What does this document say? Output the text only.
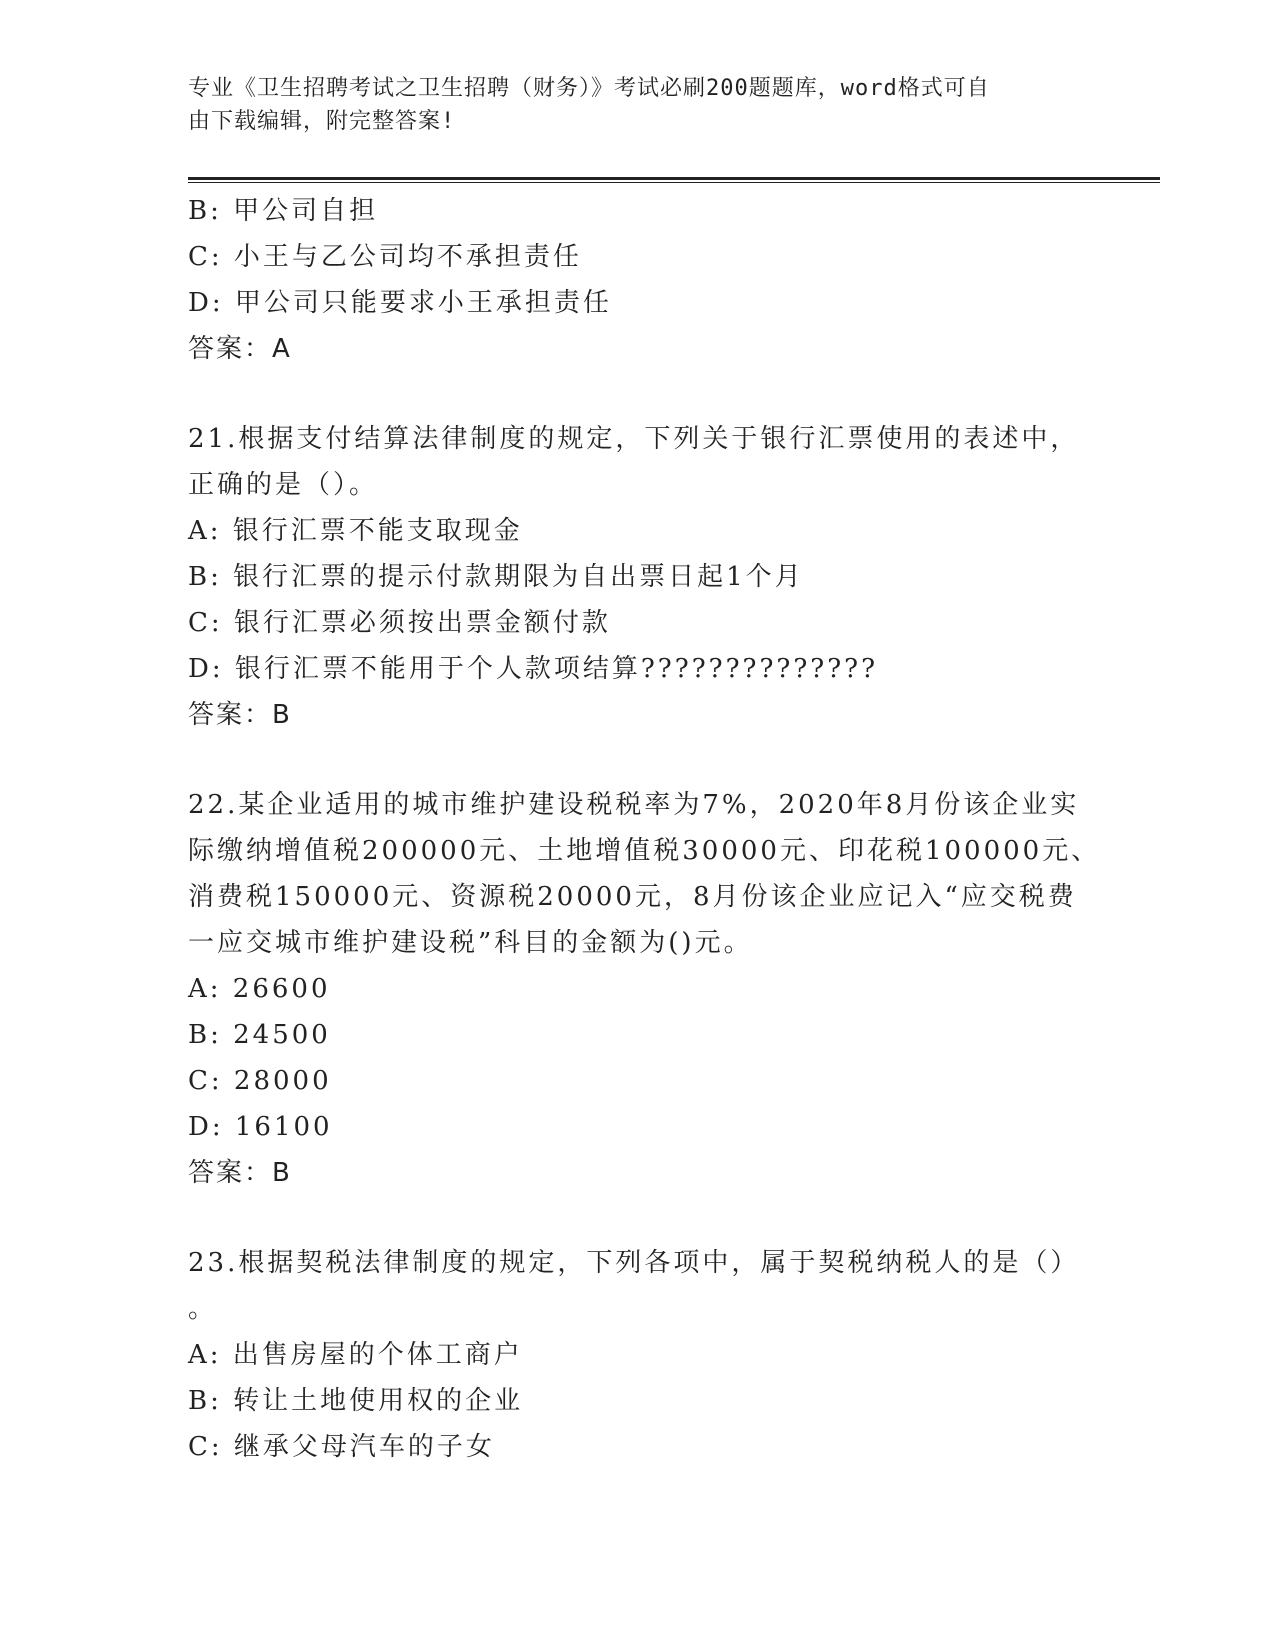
专业《卫生招聘考试之卫生招聘（财务）》考试必刷200题题库，word格式可自
由下载编辑，附完整答案!
B: 甲公司自担
C: 小王与乙公司均不承担责任
D: 甲公司只能要求小王承担责任
答案：A
21.根据支付结算法律制度的规定，下列关于银行汇票使用的表述中，
正确的是（）。
A: 银行汇票不能支取现金
B: 银行汇票的提示付款期限为自出票日起1个月
C: 银行汇票必须按出票金额付款
D: 银行汇票不能用于个人款项结算??????????????
答案：B
22.某企业适用的城市维护建设税税率为7%，2020年8月份该企业实
际缴纳增值税200000元、土地增值税30000元、印花税100000元、
消费税150000元、资源税20000元，8月份该企业应记入“应交税费
一应交城市维护建设税”科目的金额为()元。
A: 26600
B: 24500
C: 28000
D: 16100
答案：B
23.根据契税法律制度的规定，下列各项中，属于契税纳税人的是（）
。
A: 出售房屋的个体工商户
B: 转让土地使用权的企业
C: 继承父母汽车的子女
